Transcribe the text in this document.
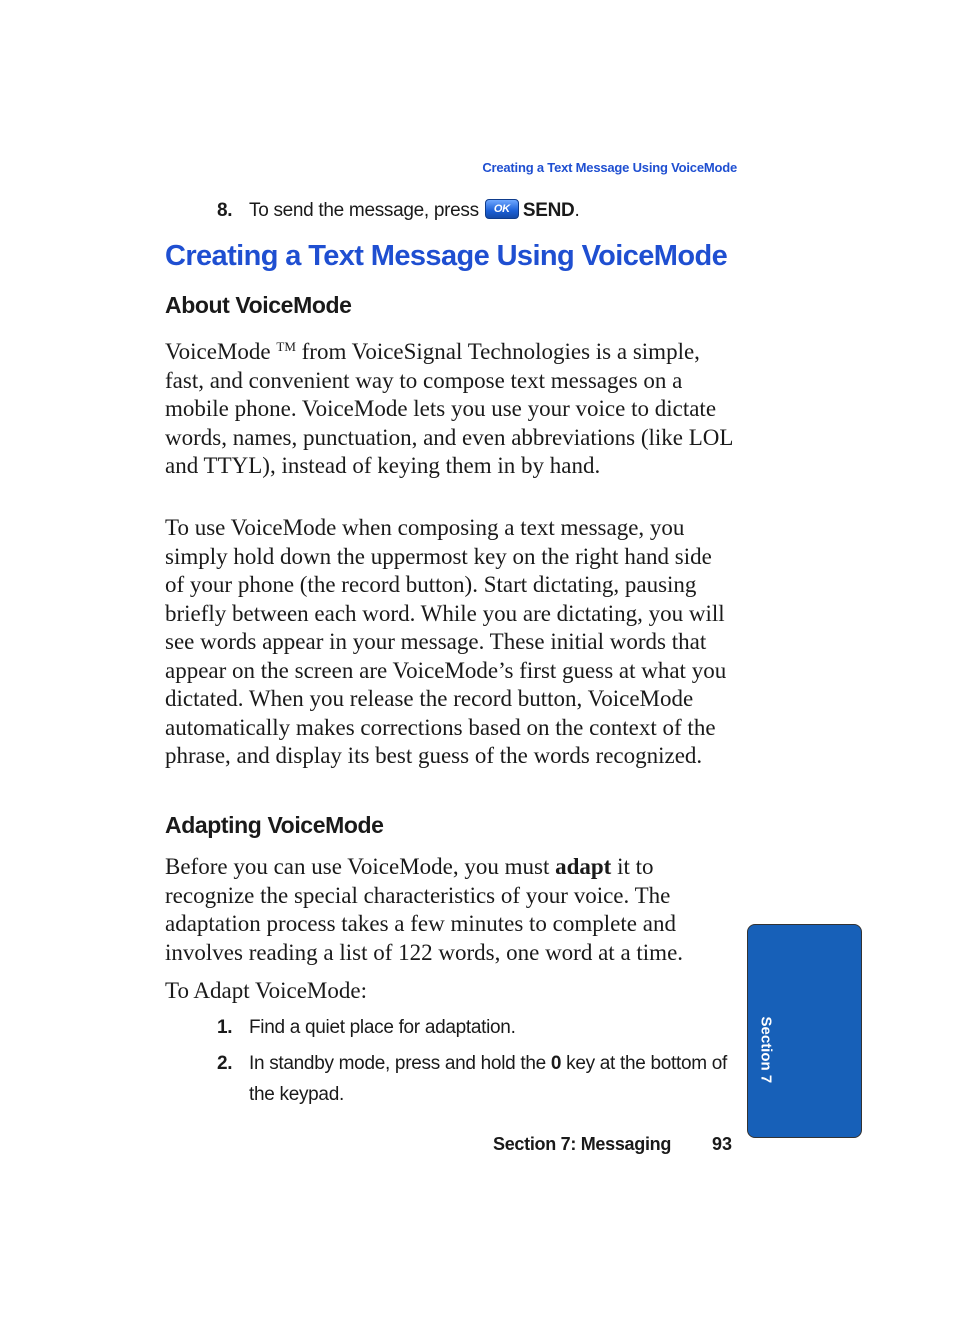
Creating a Text Message Using VoiceMode
8. To send the message, press	OK SEND.
Creating a Text Message Using VoiceMode
About VoiceMode

VoiceMode ™ from VoiceSignal Technologies is a simple, fast, and convenient way to compose text messages on a mobile phone. VoiceMode lets you use your voice to dictate words, names, punctuation, and even abbreviations (like LOL and TTYL), instead of keying them in by hand.

To use VoiceMode when composing a text message, you simply hold down the uppermost key on the right hand side of your phone (the record button). Start dictating, pausing briefly between each word. While you are dictating, you will see words appear in your message. These initial words that appear on the screen are VoiceMode’s first guess at what you dictated. When you release the record button, VoiceMode automatically makes corrections based on the context of the phrase, and display its best guess of the words recognized.

Adapting VoiceMode

Before you can use VoiceMode, you must adapt it to recognize the special characteristics of your voice. The adaptation process takes a few minutes to complete and involves reading a list of 122 words, one word at a time.

To Adapt VoiceMode:

1. Find a quiet place for adaptation.
2. In standby mode, press and hold the 0 key at the bottom of the keypad.
Section 7
Section 7: Messaging 93
